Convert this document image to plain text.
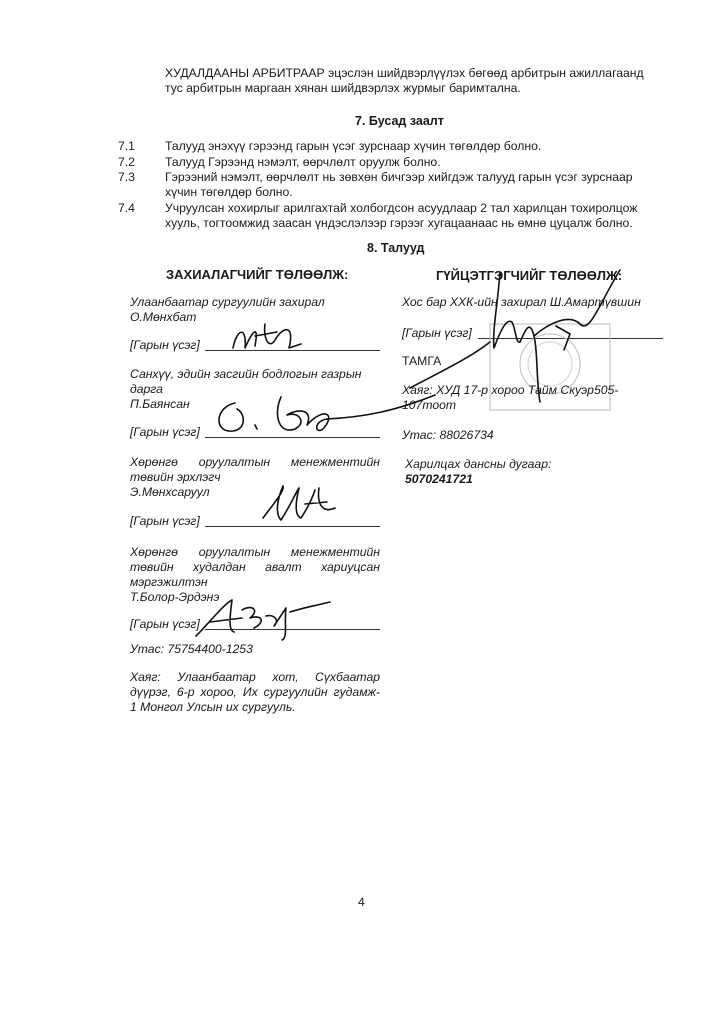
ХУДАЛДААНЫ АРБИТРААР эцэслэн шийдвэрлүүлэх бөгөөд арбитрын ажиллагаанд
тус арбитрын маргаан хянан шийдвэрлэх журмыг баримтална.
7. Бусад заалт
7.1 Талууд энэхүү гэрээнд гарын үсэг зурснаар хүчин төгөлдөр болно.
7.2 Талууд Гэрээнд нэмэлт, өөрчлөлт оруулж болно.
7.3 Гэрээний нэмэлт, өөрчлөлт нь зөвхөн бичгээр хийгдэж талууд гарын үсэг зурснаар
хүчин төгөлдөр болно.
7.4 Учруулсан хохирлыг арилгахтай холбогдсон асуудлаар 2 тал харилцан тохиролцож
хууль, тогтоомжид заасан үндэслэлээр гэрээг хугацаанаас нь өмнө цуцалж болно.
8. Талууд
ЗАХИАЛАГЧИЙГ ТӨЛӨӨЛЖ:	ГҮЙЦЭТГЭГЧИЙГ ТӨЛӨӨЛЖ:
Улаанбаатар сургуулийн захирал
О.Мөнхбат
[Гарын үсэг]
Санхүү, эдийн засгийн бодлогын газрын
дарга
П.Баянсан
[Гарын үсэг]
Хөрөнгө оруулалтын менежментийн
төвийн эрхлэгч
Э.Мөнхсаруул
[Гарын үсэг]
Хөрөнгө оруулалтын менежментийн
төвийн худалдан авалт хариуцсан
мэргэжилтэн
Т.Болор-Эрдэнэ
[Гарын үсэг]
Утас: 75754400-1253
Хаяг: Улаанбаатар хот, Сүхбаатар
дүүрэг, 6-р хороо, Их сургуулийн гудамж-
1 Монгол Улсын их сургууль.
Хос бар ХХК-ийн захирал Ш.Амартүвшин
[Гарын үсэг]
ТАМГА
Хаяг: ХУД 17-р хороо Тайм Скуэр505-
107тоот
Утас: 88026734
Харилцах дансны дугаар:
5070241721
4
